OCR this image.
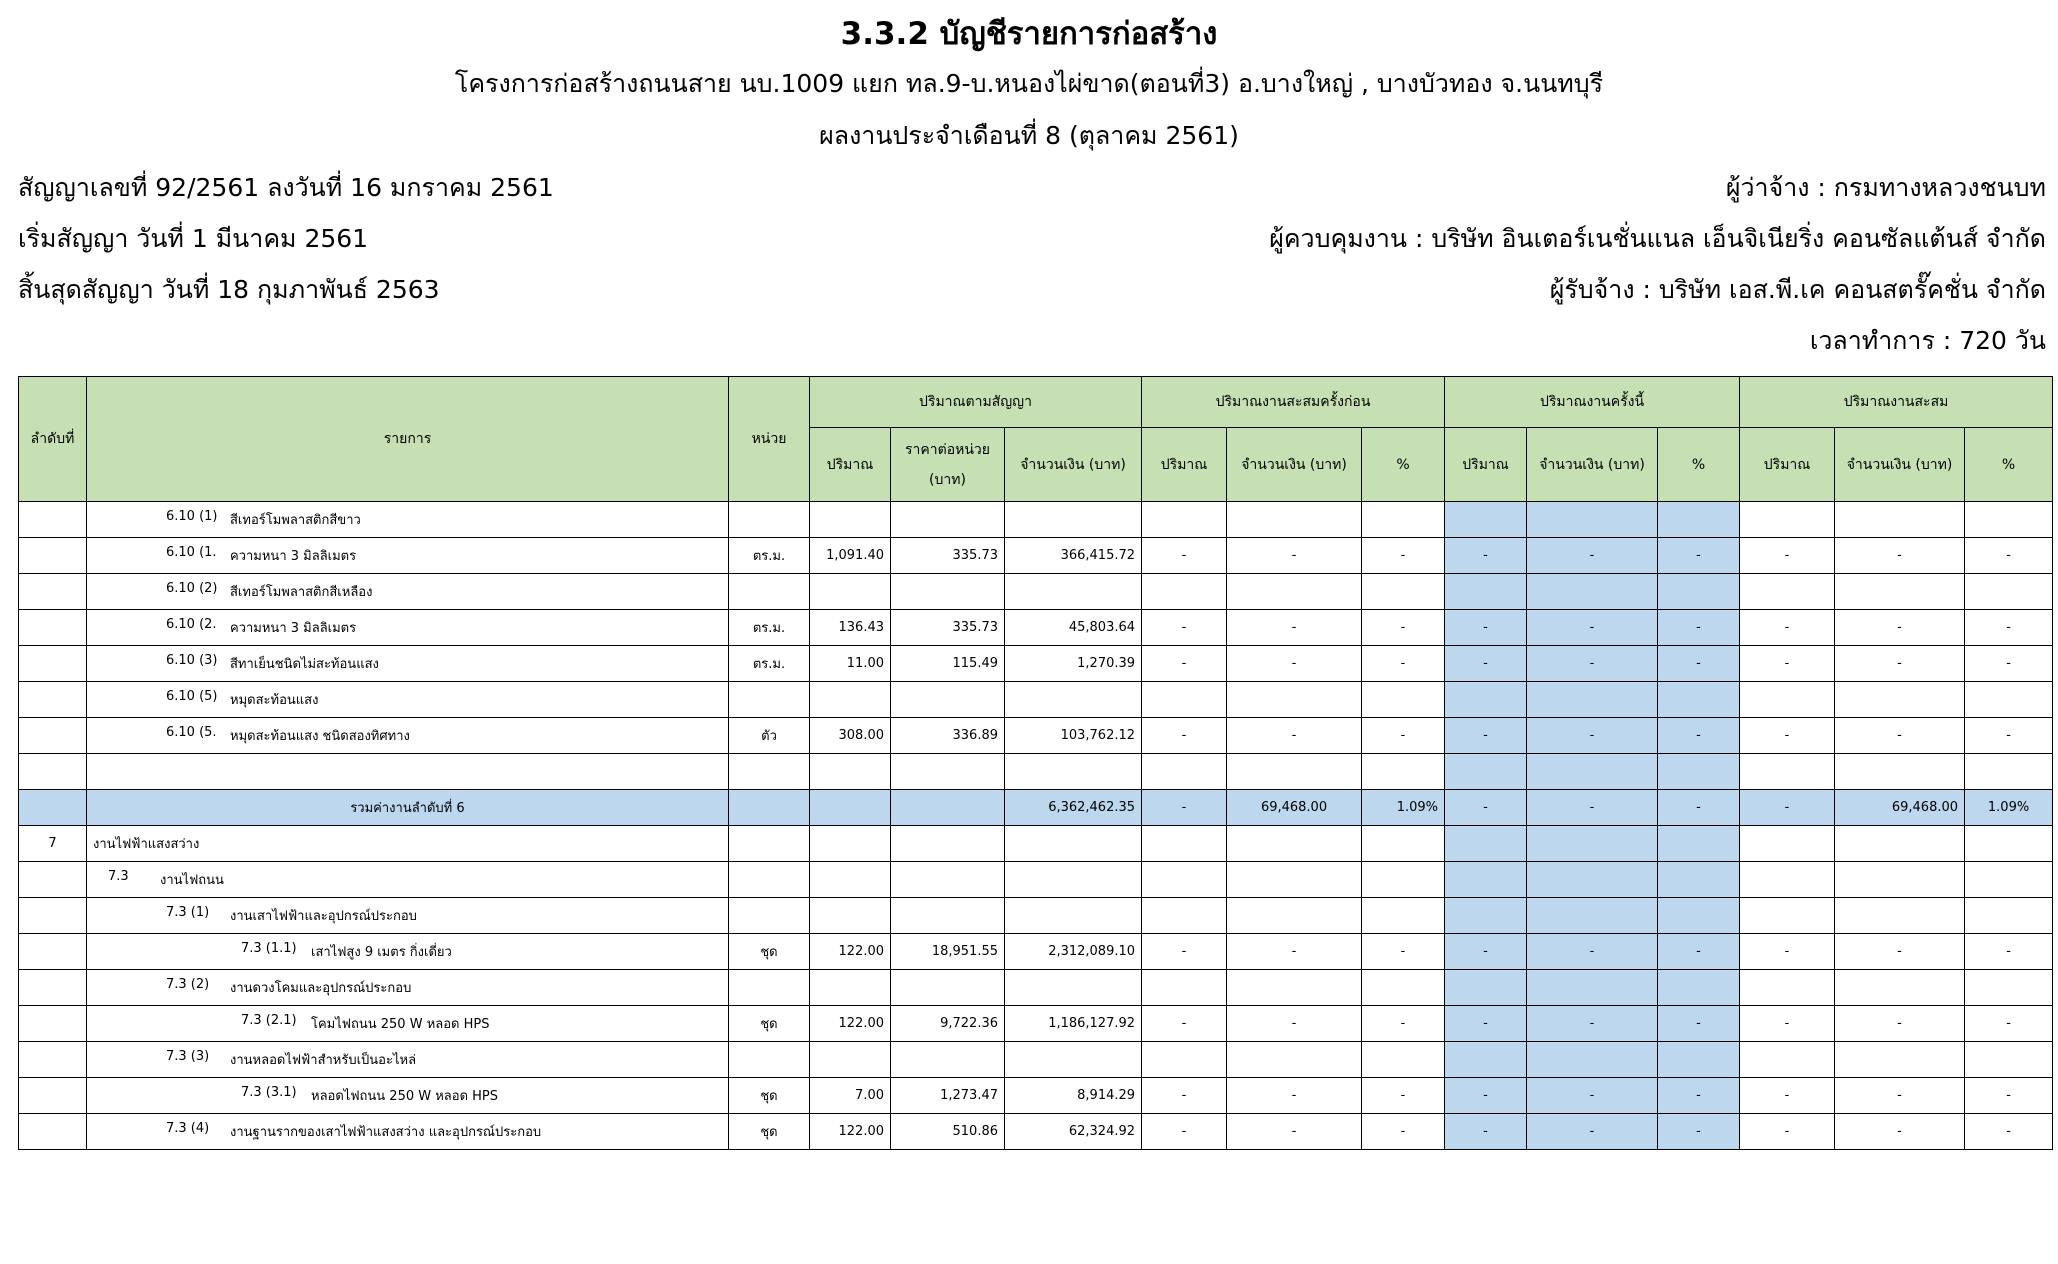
3.3.2 บัญชีรายการก่อสร้าง
โครงการก่อสร้างถนนสาย นบ.1009 แยก ทล.9-บ.หนองไผ่ขาด(ตอนที่3) อ.บางใหญ่ , บางบัวทอง จ.นนทบุรี
ผลงานประจำเดือนที่ 8 (ตุลาคม 2561)
สัญญาเลขที่ 92/2561 ลงวันที่ 16 มกราคม 2561
เริ่มสัญญา วันที่ 1 มีนาคม 2561
สิ้นสุดสัญญา วันที่ 18 กุมภาพันธ์ 2563
ผู้ว่าจ้าง : กรมทางหลวงชนบท
ผู้ควบคุมงาน : บริษัท อินเตอร์เนชั่นแนล เอ็นจิเนียริ่ง คอนซัลแต้นส์ จำกัด
ผู้รับจ้าง : บริษัท เอส.พี.เค คอนสตรั๊คชั่น จำกัด
เวลาทำการ : 720 วัน
ลำดับที่	รายการ	หน่วย	ปริมาณตามสัญญา			ปริมาณงานสะสมครั้งก่อน			ปริมาณงานครั้งนี้			ปริมาณงานสะสม		
			ปริมาณ	ราคาต่อหน่วย (บาท)	จำนวนเงิน (บาท)	ปริมาณ	จำนวนเงิน (บาท)	%	ปริมาณ	จำนวนเงิน (บาท)	%	ปริมาณ	จำนวนเงิน (บาท)	%

	6.10 (1) สีเทอร์โมพลาสติกสีขาว													

	6.10 (1. ความหนา 3 มิลลิเมตร	ตร.ม.	1,091.40	335.73	366,415.72	-	-	-	-	-	-	-	-	-

	6.10 (2) สีเทอร์โมพลาสติกสีเหลือง													

	6.10 (2. ความหนา 3 มิลลิเมตร	ตร.ม.	136.43	335.73	45,803.64	-	-	-	-	-	-	-	-	-

	6.10 (3) สีทาเย็นชนิดไม่สะท้อนแสง	ตร.ม.	11.00	115.49	1,270.39	-	-	-	-	-	-	-	-	-

	6.10 (5) หมุดสะท้อนแสง													

	6.10 (5. หมุดสะท้อนแสง ชนิดสองทิศทาง	ตัว	308.00	336.89	103,762.12	-	-	-	-	-	-	-	-	-

	รวมค่างานลำดับที่ 6				6,362,462.35	-	69,468.00	1.09%	-	-	-	-	69,468.00	1.09%
7	งานไฟฟ้าแสงสว่าง													

	7.3 งานไฟถนน													

	7.3 (1) งานเสาไฟฟ้าและอุปกรณ์ประกอบ													

	7.3 (1.1) เสาไฟสูง 9 เมตร กิ่งเดี่ยว	ชุด	122.00	18,951.55	2,312,089.10	-	-	-	-	-	-	-	-	-

	7.3 (2) งานดวงโคมและอุปกรณ์ประกอบ													

	7.3 (2.1) โคมไฟถนน 250 W หลอด HPS	ชุด	122.00	9,722.36	1,186,127.92	-	-	-	-	-	-	-	-	-

	7.3 (3) งานหลอดไฟฟ้าสำหรับเป็นอะไหล่													

	7.3 (3.1) หลอดไฟถนน 250 W หลอด HPS	ชุด	7.00	1,273.47	8,914.29	-	-	-	-	-	-	-	-	-

	7.3 (4) งานฐานรากของเสาไฟฟ้าแสงสว่าง และอุปกรณ์ประกอบ	ชุด	122.00	510.86	62,324.92	-	-	-	-	-	-	-	-	-
